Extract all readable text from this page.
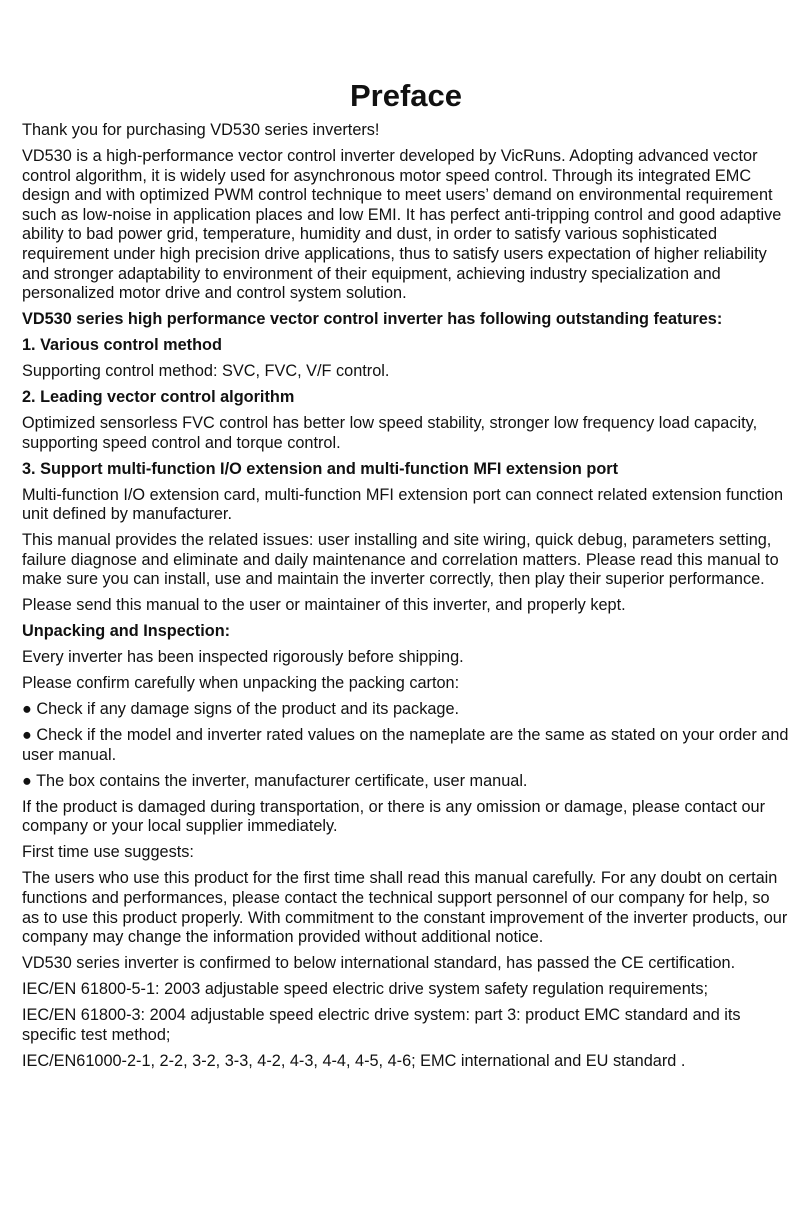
Preface

Thank you for purchasing VD530 series inverters!

VD530 is a high-performance vector control inverter developed by VicRuns. Adopting advanced vector control algorithm, it is widely used for asynchronous motor speed control. Through its integrated EMC design and with optimized PWM control technique to meet users’ demand on environmental requirement such as low-noise in application places and low EMI. It has perfect anti-tripping control and good adaptive ability to bad power grid, temperature, humidity and dust, in order to satisfy various sophisticated requirement under high precision drive applications, thus to satisfy users expectation of higher reliability and stronger adaptability to environment of their equipment, achieving industry specialization and personalized motor drive and control system solution.

VD530 series high performance vector control inverter has following outstanding features:

1. Various control method

Supporting control method: SVC, FVC, V/F control.

2. Leading vector control algorithm

Optimized sensorless FVC control has better low speed stability, stronger low frequency load capacity, supporting speed control and torque control.

3. Support multi-function I/O extension and multi-function MFI extension port

Multi-function I/O extension card, multi-function MFI extension port can connect related extension function unit defined by manufacturer.

This manual provides the related issues: user installing and site wiring, quick debug, parameters setting, failure diagnose and eliminate and daily maintenance and correlation matters. Please read this manual to make sure you can install, use and maintain the inverter correctly, then play their superior performance.

Please send this manual to the user or maintainer of this inverter, and properly kept.

Unpacking and Inspection:

Every inverter has been inspected rigorously before shipping.

Please confirm carefully when unpacking the packing carton:

● Check if any damage signs of the product and its package.

● Check if the model and inverter rated values on the nameplate are the same as stated on your order and user manual.

● The box contains the inverter, manufacturer certificate, user manual.

If the product is damaged during transportation, or there is any omission or damage, please contact our company or your local supplier immediately.

First time use suggests:

The users who use this product for the first time shall read this manual carefully. For any doubt on certain functions and performances, please contact the technical support personnel of our company for help, so as to use this product properly. With commitment to the constant improvement of the inverter products, our company may change the information provided without additional notice.

VD530 series inverter is confirmed to below international standard, has passed the CE certification.

IEC/EN 61800-5-1: 2003 adjustable speed electric drive system safety regulation requirements;

IEC/EN 61800-3: 2004 adjustable speed electric drive system: part 3: product EMC standard and its specific test method;

IEC/EN61000-2-1, 2-2, 3-2, 3-3, 4-2, 4-3, 4-4, 4-5, 4-6; EMC international and EU standard .
